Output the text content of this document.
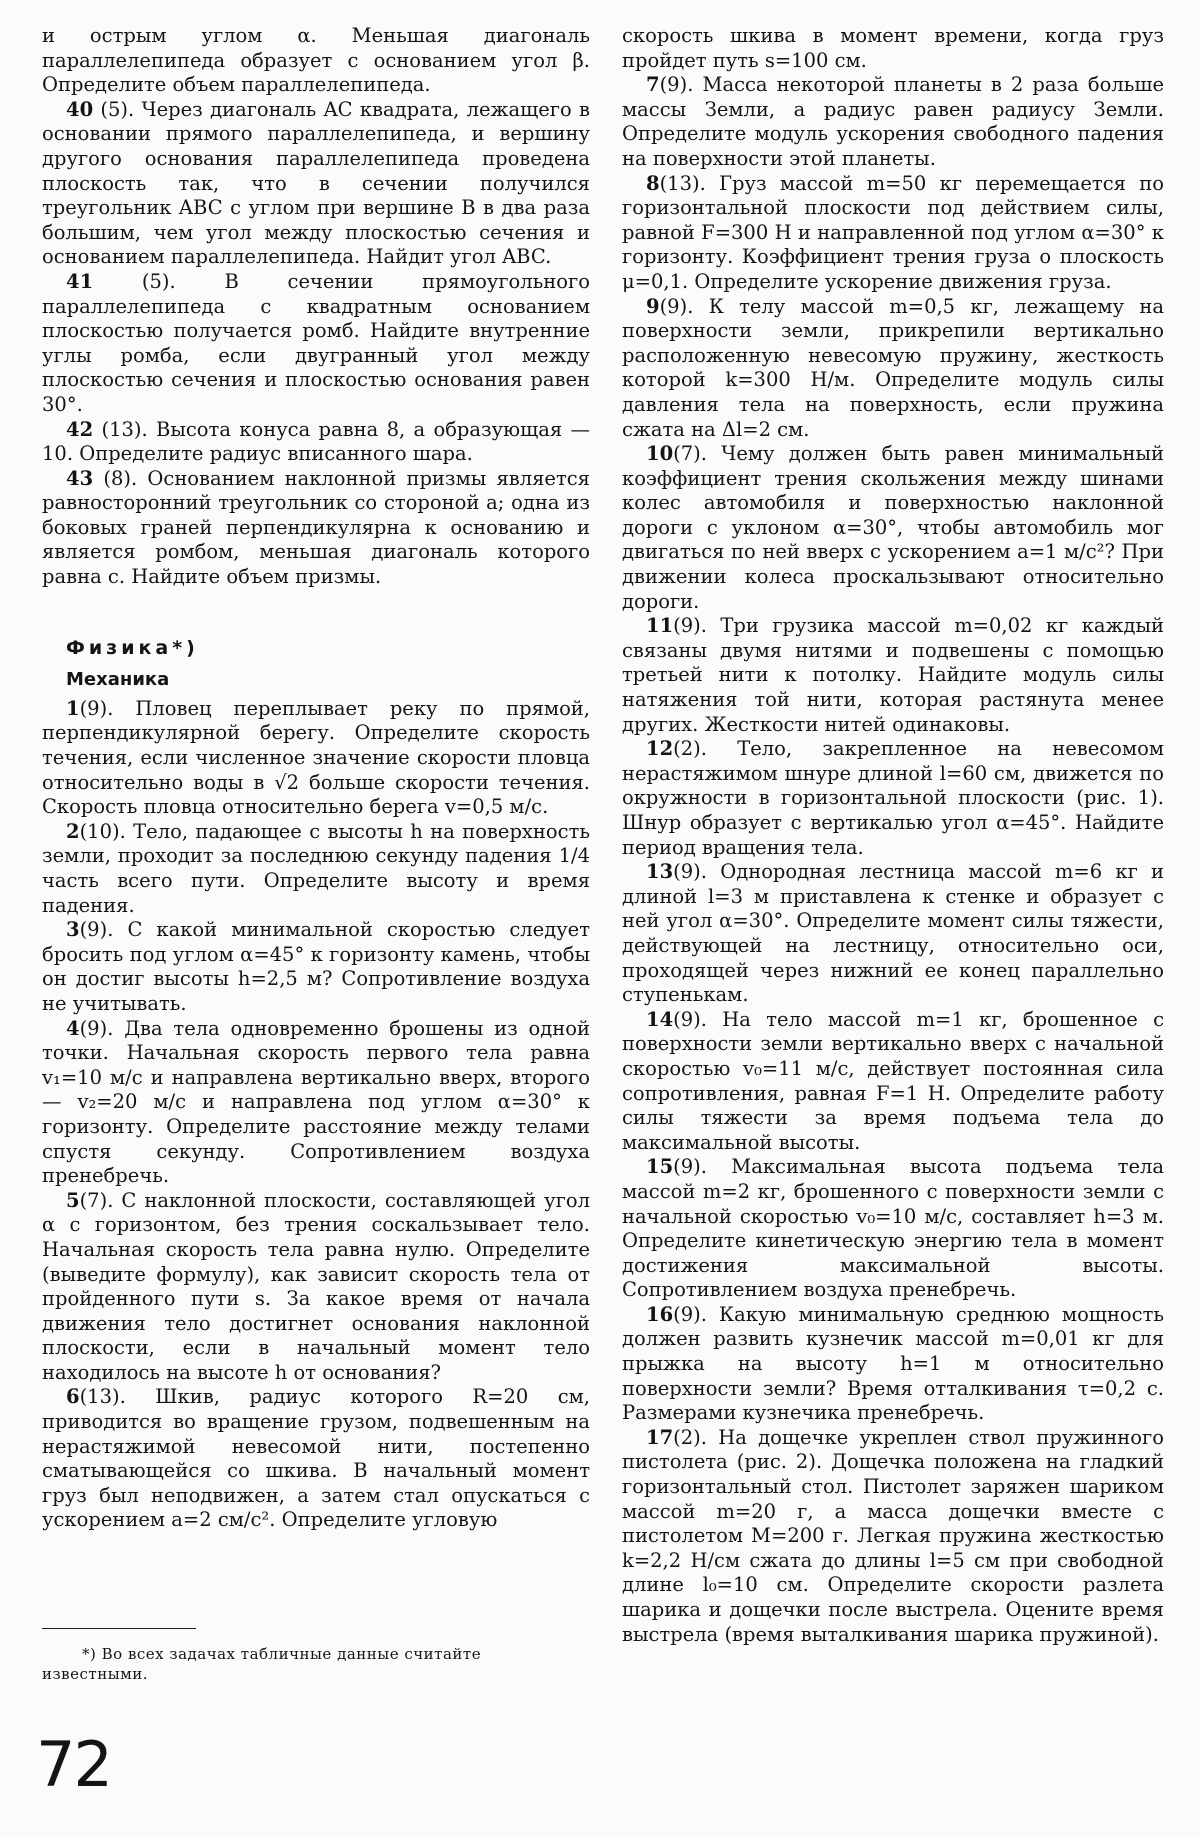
и острым углом α. Меньшая диагональ параллелепипеда образует с основанием угол β. Определите объем параллелепипеда.

40 (5). Через диагональ AC квадрата, лежащего в основании прямого параллелепипеда, и вершину другого основания параллелепипеда проведена плоскость так, что в сечении получился треугольник ABC с углом при вершине B в два раза большим, чем угол между плоскостью сечения и основанием параллелепипеда. Найдит угол ABC.

41	(5).	В сечении прямоугольного параллелепипеда с квадратным основанием плоскостью получается ромб. Найдите внутренние углы ромба, если двугранный угол между плоскостью сечения и плоскостью основания равен 30°.

42 (13). Высота конуса равна 8, а образующая — 10. Определите радиус вписанного шара.

43 (8). Основанием наклонной призмы является равносторонний треугольник со стороной a; одна из боковых граней перпендикулярна к основанию и является ромбом, меньшая диагональ которого равна c. Найдите объем призмы.

Физика*)

Механика

1(9). Пловец переплывает реку по прямой, перпендикулярной берегу. Определите скорость течения, если численное значение скорости пловца относительно воды в √2 больше скорости течения. Скорость пловца относительно берега v=0,5 м/с.

2(10). Тело, падающее с высоты h на поверхность земли, проходит за последнюю секунду падения 1/4 часть всего пути. Определите высоту и время падения.

3(9). С какой минимальной скоростью следует бросить под углом α=45° к горизонту камень, чтобы он достиг высоты h=2,5 м? Сопротивление воздуха не учитывать.

4(9). Два тела одновременно брошены из одной точки. Начальная скорость первого тела равна v₁=10 м/с и направлена вертикально вверх, второго — v₂=20 м/с и направлена под углом α=30° к горизонту. Определите расстояние между телами спустя секунду. Сопротивлением воздуха пренебречь.

5(7). С наклонной плоскости, составляющей угол α с горизонтом, без трения соскальзывает тело. Начальная скорость тела равна нулю. Определите (выведите формулу), как зависит скорость тела от пройденного пути s. За какое время от начала движения тело достигнет основания наклонной плоскости, если в начальный момент тело находилось на высоте h от основания?

6(13). Шкив, радиус которого R=20 см, приводится во вращение грузом, подвешенным на нерастяжимой невесомой нити, постепенно сматывающейся со шкива. В начальный момент груз был неподвижен, а затем стал опускаться с ускорением a=2 см/с². Определите угловую

*) Во всех задачах табличные данные считайте известными.

72

скорость шкива в момент времени, когда груз пройдет путь s=100 см.

7(9). Масса некоторой планеты в 2 раза больше массы Земли, а радиус равен радиусу Земли. Определите модуль ускорения свободного падения на поверхности этой планеты.

8(13). Груз массой m=50 кг перемещается по горизонтальной плоскости под действием силы, равной F=300 Н и направленной под углом α=30° к горизонту. Коэффициент трения груза о плоскость μ=0,1. Определите ускорение движения груза.

9(9). К телу массой m=0,5 кг, лежащему на поверхности земли, прикрепили вертикально расположенную невесомую пружину, жесткость которой k=300 Н/м. Определите модуль силы давления тела на поверхность, если пружина сжата на Δl=2 см.

10(7). Чему должен быть равен минимальный коэффициент трения скольжения между шинами колес автомобиля и поверхностью наклонной дороги с уклоном α=30°, чтобы автомобиль мог двигаться по ней вверх с ускорением a=1 м/с²? При движении колеса проскальзывают относительно дороги.

11(9). Три грузика массой m=0,02 кг каждый связаны двумя нитями и подвешены с помощью третьей нити к потолку. Найдите модуль силы натяжения той нити, которая растянута менее других. Жесткости нитей одинаковы.

12(2). Тело, закрепленное на невесомом нерастяжимом шнуре длиной l=60 см, движется по окружности в горизонтальной плоскости (рис. 1). Шнур образует с вертикалью угол α=45°. Найдите период вращения тела.

13(9). Однородная лестница массой m=6 кг и длиной l=3 м приставлена к стенке и образует с ней угол α=30°. Определите момент силы тяжести, действующей на лестницу, относительно оси, проходящей через нижний ее конец параллельно ступенькам.

14(9). На тело массой m=1 кг, брошенное с поверхности земли вертикально вверх с начальной скоростью v₀=11 м/с, действует постоянная сила сопротивления, равная F=1 Н. Определите работу силы тяжести за время подъема тела до максимальной высоты.

15(9). Максимальная высота подъема тела массой m=2 кг, брошенного с поверхности земли с начальной скоростью v₀=10 м/с, составляет h=3 м. Определите кинетическую энергию тела в момент достижения максимальной высоты. Сопротивлением воздуха пренебречь.

16(9). Какую минимальную среднюю мощность должен развить кузнечик массой m=0,01 кг для прыжка на высоту h=1 м относительно поверхности земли? Время отталкивания τ=0,2 с. Размерами кузнечика пренебречь.

17(2). На дощечке укреплен ствол пружинного пистолета (рис. 2). Дощечка положена на гладкий горизонтальный стол. Пистолет заряжен шариком массой m=20 г, а масса дощечки вместе с пистолетом M=200 г. Легкая пружина жесткостью k=2,2 Н/см сжата до длины l=5 см при свободной длине l₀=10 см. Определите скорости разлета шарика и дощечки после выстрела. Оцените время выстрела (время выталкивания шарика пружиной).
